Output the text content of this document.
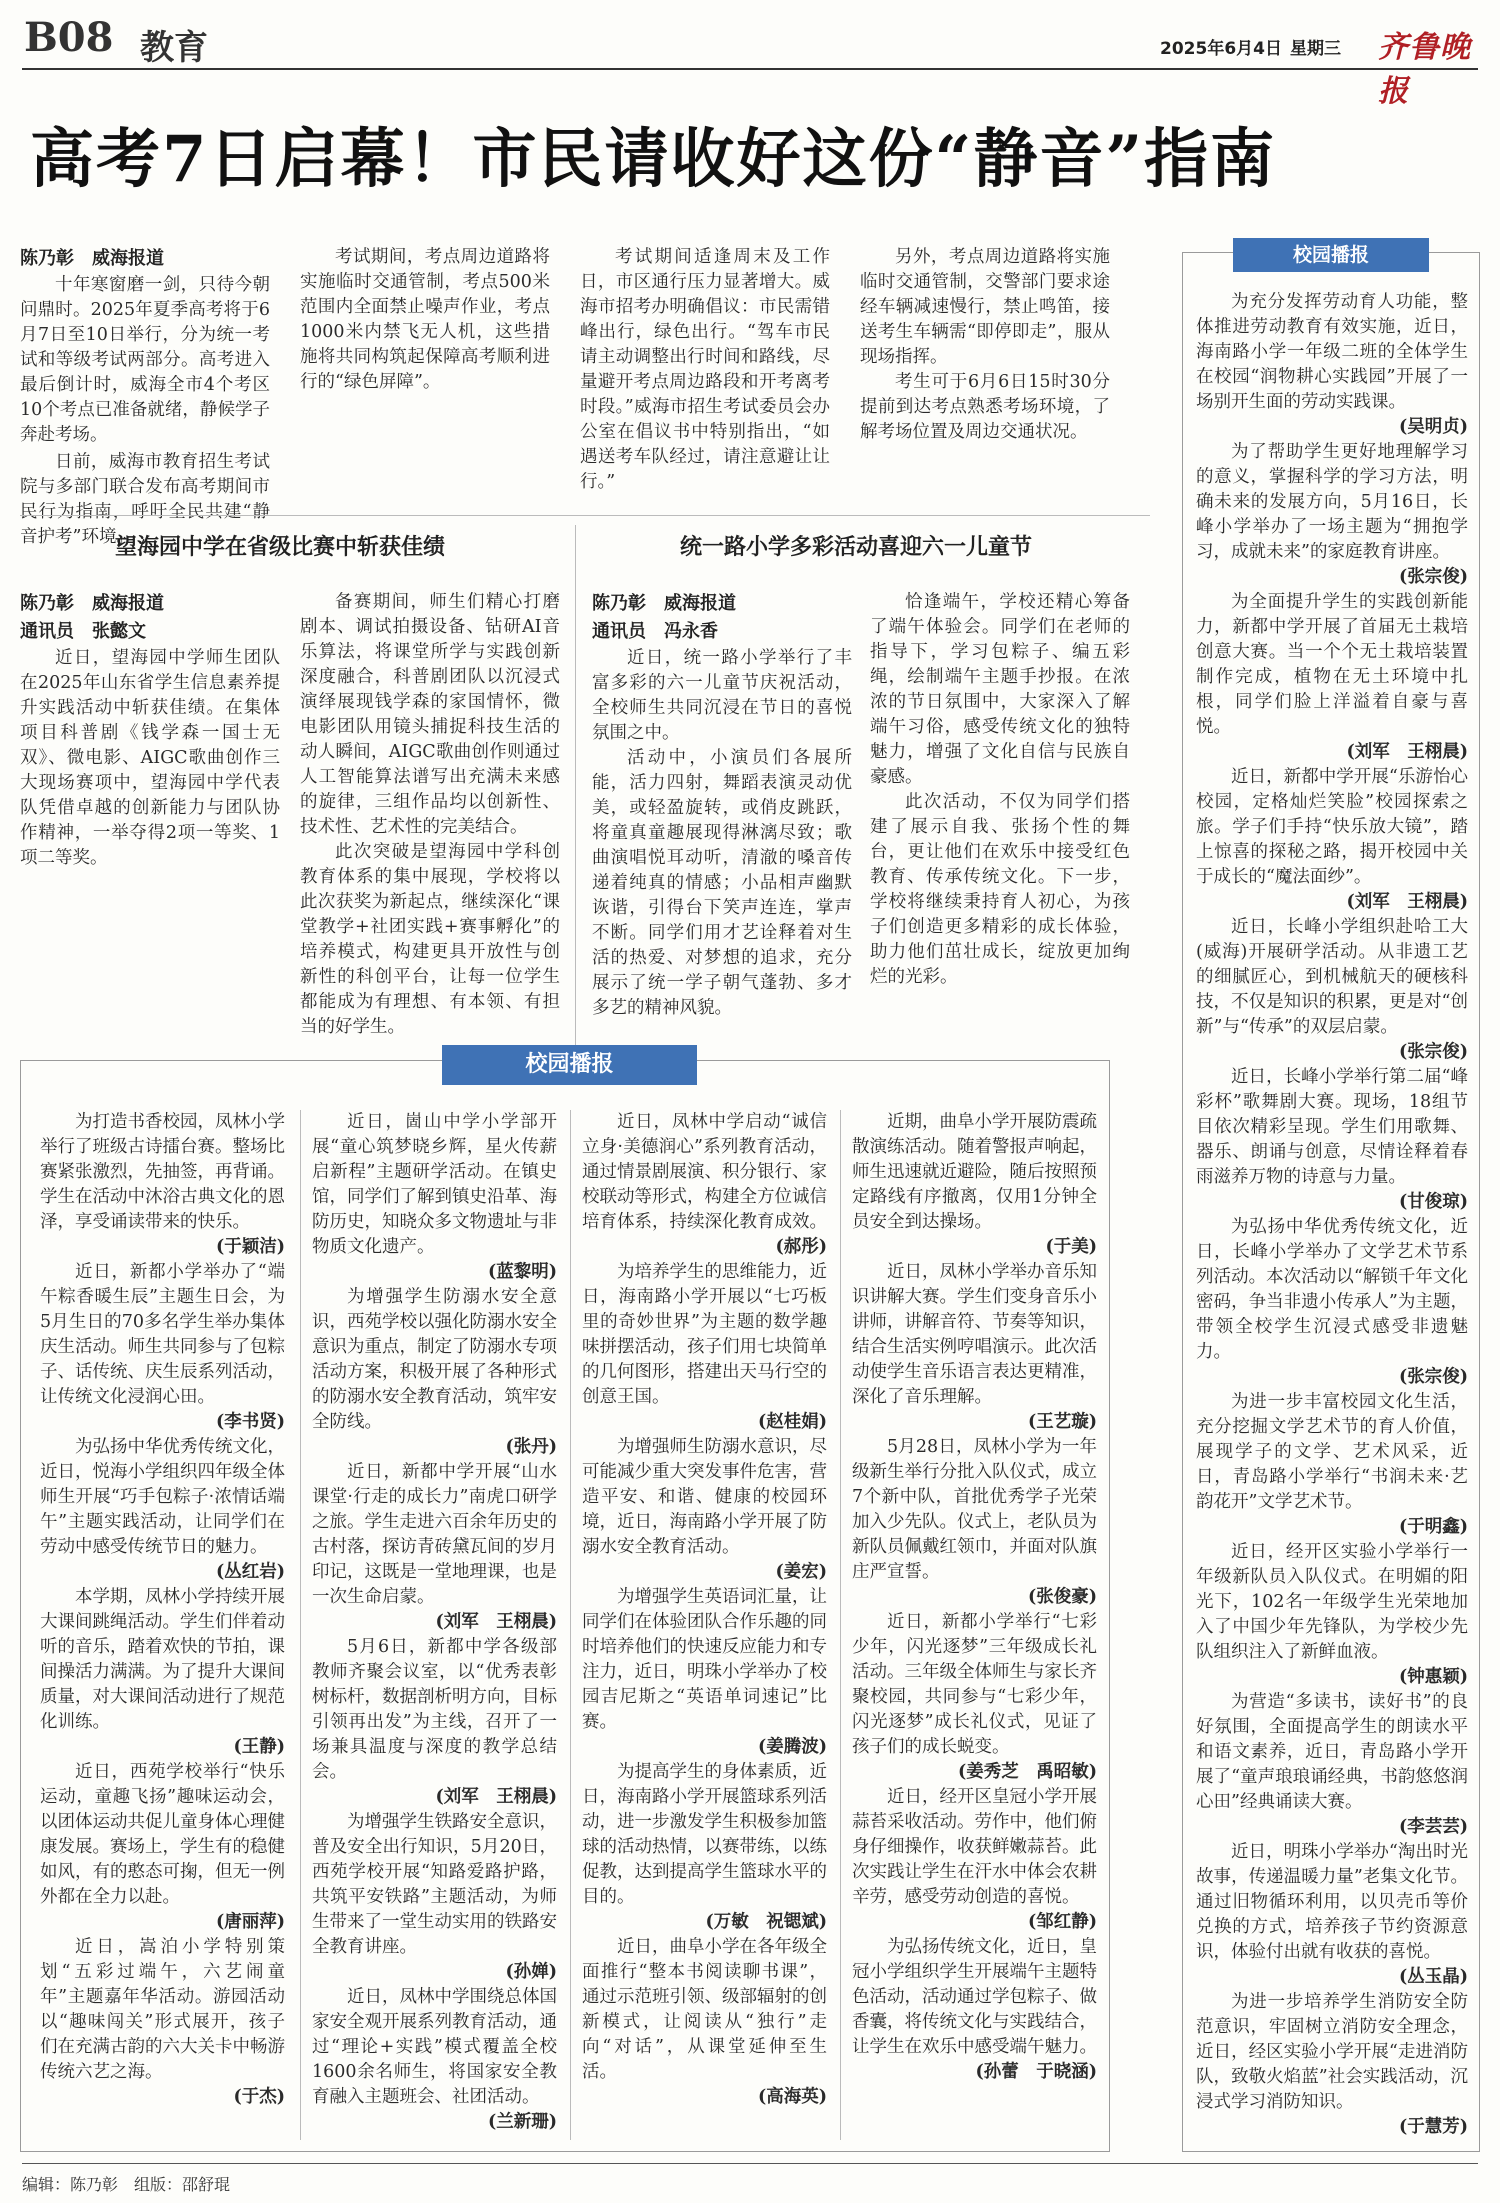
B08 教育	2025年6月4日 星期三 齐鲁晚报
高考7日启幕！市民请收好这份“静音”指南

陈乃彰　威海报道

十年寒窗磨一剑，只待今朝问鼎时。2025年夏季高考将于6月7日至10日举行，分为统一考试和等级考试两部分。高考进入最后倒计时，威海全市4个考区10个考点已准备就绪，静候学子奔赴考场。

日前，威海市教育招生考试院与多部门联合发布高考期间市民行为指南，呼吁全民共建“静音护考”环境。

考试期间，考点周边道路将实施临时交通管制，考点500米范围内全面禁止噪声作业，考点1000米内禁飞无人机，这些措施将共同构筑起保障高考顺利进行的“绿色屏障”。

考试期间适逢周末及工作日，市区通行压力显著增大。威海市招考办明确倡议：市民需错峰出行，绿色出行。“驾车市民请主动调整出行时间和路线，尽量避开考点周边路段和开考离考时段。”威海市招生考试委员会办公室在倡议书中特别指出，“如遇送考车队经过，请注意避让让行。”

另外，考点周边道路将实施临时交通管制，交警部门要求途经车辆减速慢行，禁止鸣笛，接送考生车辆需“即停即走”，服从现场指挥。

考生可于6月6日15时30分提前到达考点熟悉考场环境，了解考场位置及周边交通状况。

望海园中学在省级比赛中斩获佳绩

陈乃彰　威海报道

通讯员　张懿文

近日，望海园中学师生团队在2025年山东省学生信息素养提升实践活动中斩获佳绩。在集体项目科普剧《钱学森一国士无双》、微电影、AIGC歌曲创作三大现场赛项中，望海园中学代表队凭借卓越的创新能力与团队协作精神，一举夺得2项一等奖、1项二等奖。

备赛期间，师生们精心打磨剧本、调试拍摄设备、钻研AI音乐算法，将课堂所学与实践创新深度融合，科普剧团队以沉浸式演绎展现钱学森的家国情怀，微电影团队用镜头捕捉科技生活的动人瞬间，AIGC歌曲创作则通过人工智能算法谱写出充满未来感的旋律，三组作品均以创新性、技术性、艺术性的完美结合。

此次突破是望海园中学科创教育体系的集中展现，学校将以此次获奖为新起点，继续深化“课堂教学+社团实践+赛事孵化”的培养模式，构建更具开放性与创新性的科创平台，让每一位学生都能成为有理想、有本领、有担当的好学生。

统一路小学多彩活动喜迎六一儿童节

陈乃彰　威海报道

通讯员　冯永香

近日，统一路小学举行了丰富多彩的六一儿童节庆祝活动，全校师生共同沉浸在节日的喜悦氛围之中。

活动中，小演员们各展所能，活力四射，舞蹈表演灵动优美，或轻盈旋转，或俏皮跳跃，将童真童趣展现得淋漓尽致；歌曲演唱悦耳动听，清澈的嗓音传递着纯真的情感；小品相声幽默诙谐，引得台下笑声连连，掌声不断。同学们用才艺诠释着对生活的热爱、对梦想的追求，充分展示了统一学子朝气蓬勃、多才多艺的精神风貌。

恰逢端午，学校还精心筹备了端午体验会。同学们在老师的指导下，学习包粽子、编五彩绳，绘制端午主题手抄报。在浓浓的节日氛围中，大家深入了解端午习俗，感受传统文化的独特魅力，增强了文化自信与民族自豪感。

此次活动，不仅为同学们搭建了展示自我、张扬个性的舞台，更让他们在欢乐中接受红色教育、传承传统文化。下一步，学校将继续秉持育人初心，为孩子们创造更多精彩的成长体验，助力他们茁壮成长，绽放更加绚烂的光彩。

校园播报

为打造书香校园，凤林小学举行了班级古诗擂台赛。整场比赛紧张激烈，先抽签，再背诵。学生在活动中沐浴古典文化的恩泽，享受诵读带来的快乐。

(于颖洁)

近日，新都小学举办了“端午粽香暖生辰”主题生日会，为5月生日的70多名学生举办集体庆生活动。师生共同参与了包粽子、话传统、庆生辰系列活动，让传统文化浸润心田。

(李书贤)

为弘扬中华优秀传统文化，近日，悦海小学组织四年级全体师生开展“巧手包粽子·浓情话端午”主题实践活动，让同学们在劳动中感受传统节日的魅力。

(丛红岩)

本学期，凤林小学持续开展大课间跳绳活动。学生们伴着动听的音乐，踏着欢快的节拍，课间操活力满满。为了提升大课间质量，对大课间活动进行了规范化训练。

(王静)

近日，西苑学校举行“快乐运动，童趣飞扬”趣味运动会，以团体运动共促儿童身体心理健康发展。赛场上，学生有的稳健如风，有的憨态可掬，但无一例外都在全力以赴。

(唐丽萍)

近日，嵩泊小学特别策划“五彩过端午，六艺闹童年”主题嘉年华活动。游园活动以“趣味闯关”形式展开，孩子们在充满古韵的六大关卡中畅游传统六艺之海。

(于杰)

近日，崮山中学小学部开展“童心筑梦晓乡辉，星火传薪启新程”主题研学活动。在镇史馆，同学们了解到镇史沿革、海防历史，知晓众多文物遗址与非物质文化遗产。

(蓝黎明)

为增强学生防溺水安全意识，西苑学校以强化防溺水安全意识为重点，制定了防溺水专项活动方案，积极开展了各种形式的防溺水安全教育活动，筑牢安全防线。

(张丹)

近日，新都中学开展“山水课堂·行走的成长力”南虎口研学之旅。学生走进六百余年历史的古村落，探访青砖黛瓦间的岁月印记，这既是一堂地理课，也是一次生命启蒙。

(刘军　王栩晨)

5月6日，新都中学各级部教师齐聚会议室，以“优秀表彰树标杆，数据剖析明方向，目标引领再出发”为主线，召开了一场兼具温度与深度的教学总结会。

(刘军　王栩晨)

为增强学生铁路安全意识，普及安全出行知识，5月20日，西苑学校开展“知路爱路护路，共筑平安铁路”主题活动，为师生带来了一堂生动实用的铁路安全教育讲座。

(孙婵)

近日，凤林中学围绕总体国家安全观开展系列教育活动，通过“理论+实践”模式覆盖全校1600余名师生，将国家安全教育融入主题班会、社团活动。

(兰新珊)

近日，凤林中学启动“诚信立身·美德润心”系列教育活动，通过情景剧展演、积分银行、家校联动等形式，构建全方位诚信培育体系，持续深化教育成效。

(郝彤)

为培养学生的思维能力，近日，海南路小学开展以“七巧板里的奇妙世界”为主题的数学趣味拼摆活动，孩子们用七块简单的几何图形，搭建出天马行空的创意王国。

(赵桂娟)

为增强师生防溺水意识，尽可能减少重大突发事件危害，营造平安、和谐、健康的校园环境，近日，海南路小学开展了防溺水安全教育活动。

(姜宏)

为增强学生英语词汇量，让同学们在体验团队合作乐趣的同时培养他们的快速反应能力和专注力，近日，明珠小学举办了校园吉尼斯之“英语单词速记”比赛。

(姜腾波)

为提高学生的身体素质，近日，海南路小学开展篮球系列活动，进一步激发学生积极参加篮球的活动热情，以赛带练，以练促教，达到提高学生篮球水平的目的。

(万敏　祝锶斌)

近日，曲阜小学在各年级全面推行“整本书阅读聊书课”，通过示范班引领、级部辐射的创新模式，让阅读从“独行”走向“对话”，从课堂延伸至生活。

(高海英)

近期，曲阜小学开展防震疏散演练活动。随着警报声响起，师生迅速就近避险，随后按照预定路线有序撤离，仅用1分钟全员安全到达操场。

(于美)

近日，凤林小学举办音乐知识讲解大赛。学生们变身音乐小讲师，讲解音符、节奏等知识，结合生活实例哼唱演示。此次活动使学生音乐语言表达更精准，深化了音乐理解。

(王艺璇)

5月28日，凤林小学为一年级新生举行分批入队仪式，成立7个新中队，首批优秀学子光荣加入少先队。仪式上，老队员为新队员佩戴红领巾，并面对队旗庄严宣誓。

(张俊豪)

近日，新都小学举行“七彩少年，闪光逐梦”三年级成长礼活动。三年级全体师生与家长齐聚校园，共同参与“七彩少年，闪光逐梦”成长礼仪式，见证了孩子们的成长蜕变。

(姜秀芝　禹昭敏)

近日，经开区皇冠小学开展蒜苔采收活动。劳作中，他们俯身仔细操作，收获鲜嫩蒜苔。此次实践让学生在汗水中体会农耕辛劳，感受劳动创造的喜悦。

(邹红静)

为弘扬传统文化，近日，皇冠小学组织学生开展端午主题特色活动，活动通过学包粽子、做香囊，将传统文化与实践结合，让学生在欢乐中感受端午魅力。

(孙蕾　于晓涵)

校园播报

为充分发挥劳动育人功能，整体推进劳动教育有效实施，近日，海南路小学一年级二班的全体学生在校园“润物耕心实践园”开展了一场别开生面的劳动实践课。

(吴明贞)

为了帮助学生更好地理解学习的意义，掌握科学的学习方法，明确未来的发展方向，5月16日，长峰小学举办了一场主题为“拥抱学习，成就未来”的家庭教育讲座。

(张宗俊)

为全面提升学生的实践创新能力，新都中学开展了首届无土栽培创意大赛。当一个个无土栽培装置制作完成，植物在无土环境中扎根，同学们脸上洋溢着自豪与喜悦。

(刘军　王栩晨)

近日，新都中学开展“乐游怡心校园，定格灿烂笑脸”校园探索之旅。学子们手持“快乐放大镜”，踏上惊喜的探秘之路，揭开校园中关于成长的“魔法面纱”。

(刘军　王栩晨)

近日，长峰小学组织赴哈工大(威海)开展研学活动。从非遗工艺的细腻匠心，到机械航天的硬核科技，不仅是知识的积累，更是对“创新”与“传承”的双层启蒙。

(张宗俊)

近日，长峰小学举行第二届“峰彩杯”歌舞剧大赛。现场，18组节目依次精彩呈现。学生们用歌舞、器乐、朗诵与创意，尽情诠释着春雨滋养万物的诗意与力量。

(甘俊琼)

为弘扬中华优秀传统文化，近日，长峰小学举办了文学艺术节系列活动。本次活动以“解锁千年文化密码，争当非遗小传承人”为主题，带领全校学生沉浸式感受非遗魅力。

(张宗俊)

为进一步丰富校园文化生活，充分挖掘文学艺术节的育人价值，展现学子的文学、艺术风采，近日，青岛路小学举行“书润未来·艺韵花开”文学艺术节。

(于明鑫)

近日，经开区实验小学举行一年级新队员入队仪式。在明媚的阳光下，102名一年级学生光荣地加入了中国少年先锋队，为学校少先队组织注入了新鲜血液。

(钟惠颖)

为营造“多读书，读好书”的良好氛围，全面提高学生的朗读水平和语文素养，近日，青岛路小学开展了“童声琅琅诵经典，书韵悠悠润心田”经典诵读大赛。

(李芸芸)

近日，明珠小学举办“淘出时光故事，传递温暖力量”老集文化节。通过旧物循环利用，以贝壳币等价兑换的方式，培养孩子节约资源意识，体验付出就有收获的喜悦。

(丛玉晶)

为进一步培养学生消防安全防范意识，牢固树立消防安全理念，近日，经区实验小学开展“走进消防队，致敬火焰蓝”社会实践活动，沉浸式学习消防知识。

(于慧芳)

编辑：陈乃彰　组版：邵舒琨
